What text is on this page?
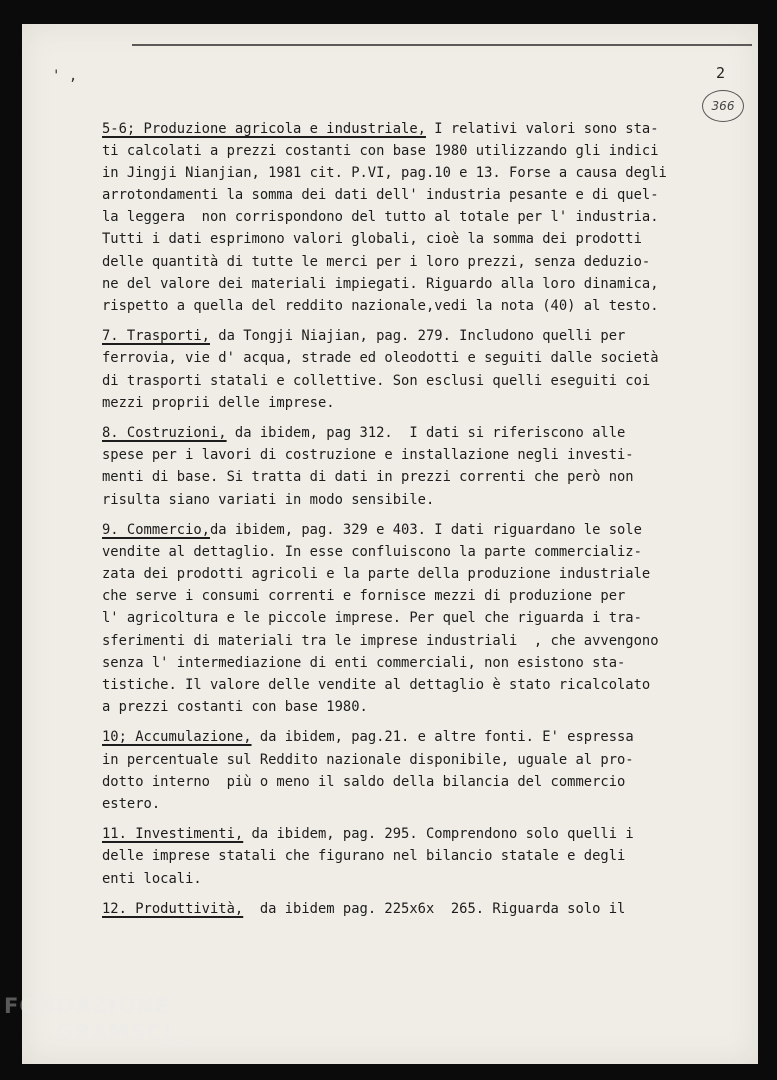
' ,	2
366
5-6; Produzione agricola e industriale, I relativi valori sono sta-
ti calcolati a prezzi costanti con base 1980 utilizzando gli indici
in Jingji Nianjian, 1981 cit. P.VI, pag.10 e 13. Forse a causa degli
arrotondamenti la somma dei dati dell' industria pesante e di quel-
la leggera  non corrispondono del tutto al totale per l' industria.
Tutti i dati esprimono valori globali, cioè la somma dei prodotti
delle quantità di tutte le merci per i loro prezzi, senza deduzio-
ne del valore dei materiali impiegati. Riguardo alla loro dinamica,
rispetto a quella del reddito nazionale,vedi la nota (40) al testo.
7. Trasporti, da Tongji Niajian, pag. 279. Includono quelli per
ferrovia, vie d' acqua, strade ed oleodotti e seguiti dalle società
di trasporti statali e collettive. Son esclusi quelli eseguiti coi
mezzi proprii delle imprese.
8. Costruzioni, da ibidem, pag 312.  I dati si riferiscono alle
spese per i lavori di costruzione e installazione negli investi-
menti di base. Si tratta di dati in prezzi correnti che però non
risulta siano variati in modo sensibile.
9. Commercio,da ibidem, pag. 329 e 403. I dati riguardano le sole
vendite al dettaglio. In esse confluiscono la parte commercializ-
zata dei prodotti agricoli e la parte della produzione industriale
che serve i consumi correnti e fornisce mezzi di produzione per
l' agricoltura e le piccole imprese. Per quel che riguarda i tra-
sferimenti di materiali tra le imprese industriali  , che avvengono
senza l' intermediazione di enti commerciali, non esistono sta-
tistiche. Il valore delle vendite al dettaglio è stato ricalcolato
a prezzi costanti con base 1980.
10; Accumulazione, da ibidem, pag.21. e altre fonti. E' espressa
in percentuale sul Reddito nazionale disponibile, uguale al pro-
dotto interno  più o meno il saldo della bilancia del commercio
estero.
11. Investimenti, da ibidem, pag. 295. Comprendono solo quelli i
delle imprese statali che figurano nel bilancio statale e degli
enti locali.
12. Produttività,  da ibidem pag. 225x6x  265. Riguarda solo il
FONDAZIONE
GRAMSCI
onlus
